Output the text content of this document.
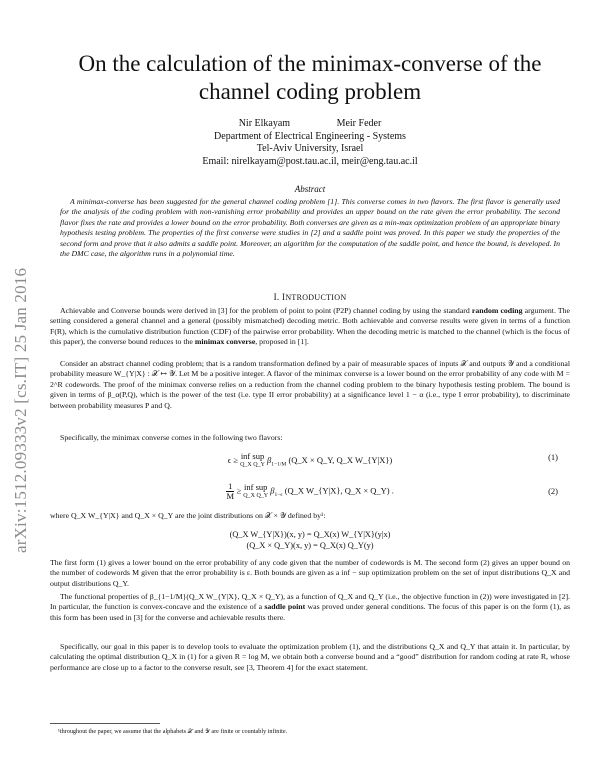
arXiv:1512.09333v2 [cs.IT] 25 Jan 2016
On the calculation of the minimax-converse of the channel coding problem
Nir Elkayam	Meir Feder
Department of Electrical Engineering - Systems
Tel-Aviv University, Israel
Email: nirelkayam@post.tau.ac.il, meir@eng.tau.ac.il
Abstract

A minimax-converse has been suggested for the general channel coding problem [1]. This converse comes in two flavors. The first flavor is generally used for the analysis of the coding problem with non-vanishing error probability and provides an upper bound on the rate given the error probability. The second flavor fixes the rate and provides a lower bound on the error probability. Both converses are given as a min-max optimization problem of an appropriate binary hypothesis testing problem. The properties of the first converse were studies in [2] and a saddle point was proved. In this paper we study the properties of the second form and prove that it also admits a saddle point. Moreover, an algorithm for the computation of the saddle point, and hence the bound, is developed. In the DMC case, the algorithm runs in a polynomial time.

I. INTRODUCTION

Achievable and Converse bounds were derived in [3] for the problem of point to point (P2P) channel coding by using the standard random coding argument. The setting considered a general channel and a general (possibly mismatched) decoding metric. Both achievable and converse results were given in terms of a function F(R), which is the cumulative distribution function (CDF) of the pairwise error probability. When the decoding metric is matched to the channel (which is the focus of this paper), the converse bound reduces to the minimax converse, proposed in [1].

Consider an abstract channel coding problem; that is a random transformation defined by a pair of measurable spaces of inputs 𝒳 and outputs 𝒴 and a conditional probability measure W_{Y|X} : 𝒳 ↦ 𝒴. Let M be a positive integer. A flavor of the minimax converse is a lower bound on the error probability of any code with M = 2^R codewords. The proof of the minimax converse relies on a reduction from the channel coding problem to the binary hypothesis testing problem. The bound is given in terms of β_α(P,Q), which is the power of the test (i.e. type II error probability) at a significance level 1 − α (i.e., type I error probability), to discriminate between probability measures P and Q.

Specifically, the minimax converse comes in the following two flavors:

ϵ ≥ inf sup
Q_X Q_Y
$\beta_{1-1/M}$ (Q_X × Q_Y, Q_X W_{Y|X})	(1)
$\frac{1}{M}$ ≥ inf sup
Q_X Q_Y
$\beta_{1-\epsilon}$ (Q_X W_{Y|X}, Q_X × Q_Y) .	(2)

where Q_X W_{Y|X} and Q_X × Q_Y are the joint distributions on 𝒳 × 𝒴 defined by¹:

(Q_X W_{Y|X})(x, y) = Q_X(x) W_{Y|X}(y|x)
(Q_X × Q_Y)(x, y) = Q_X(x) Q_Y(y)

The first form (1) gives a lower bound on the error probability of any code given that the number of codewords is M. The second form (2) gives an upper bound on the number of codewords M given that the error probability is ε. Both bounds are given as a inf − sup optimization problem on the set of input distributions Q_X and output distributions Q_Y.

The functional properties of β_{1−1/M}(Q_X W_{Y|X}, Q_X × Q_Y), as a function of Q_X and Q_Y (i.e., the objective function in (2)) were investigated in [2]. In particular, the function is convex-concave and the existence of a saddle point was proved under general conditions. The focus of this paper is on the form (1), as this form has been used in [3] for the converse and achievable results there.

Specifically, our goal in this paper is to develop tools to evaluate the optimization problem (1), and the distributions Q_X and Q_Y that attain it. In particular, by calculating the optimal distribution Q_X in (1) for a given R = log M, we obtain both a converse bound and a “good” distribution for random coding at rate R, whose performance are close up to a factor to the converse result, see [3, Theorem 4] for the exact statement.

¹throughout the paper, we assume that the alphabets 𝒳 and 𝒴 are finite or countably infinite.
